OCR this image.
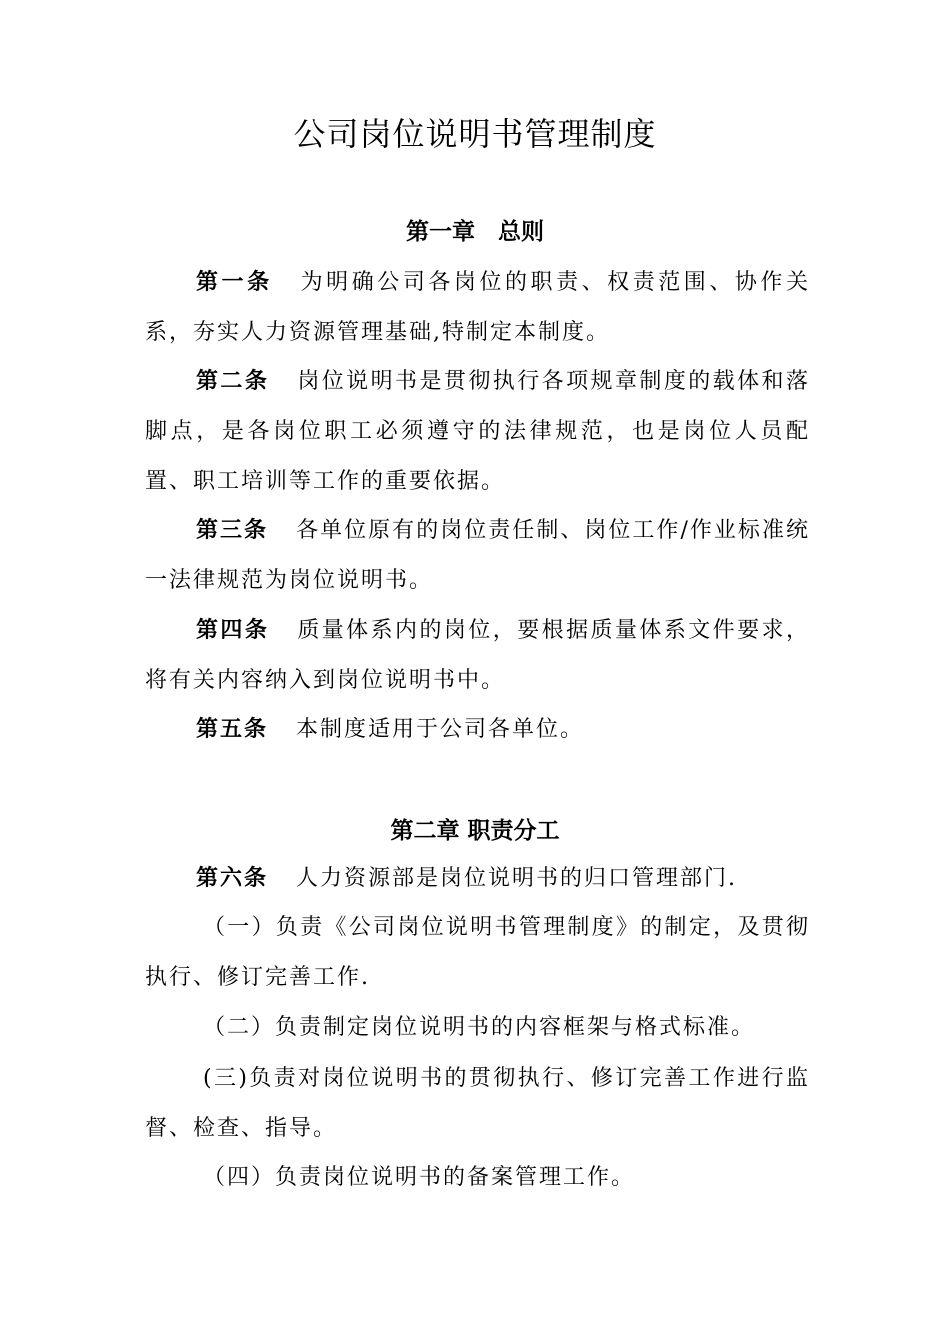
公司岗位说明书管理制度
第一章　总则

第一条 为明确公司各岗位的职责、权责范围、协作关系，夯实人力资源管理基础,特制定本制度。

第二条 岗位说明书是贯彻执行各项规章制度的载体和落脚点，是各岗位职工必须遵守的法律规范，也是岗位人员配置、职工培训等工作的重要依据。

第三条 各单位原有的岗位责任制、岗位工作/作业标准统一法律规范为岗位说明书。

第四条 质量体系内的岗位，要根据质量体系文件要求，将有关内容纳入到岗位说明书中。

第五条 本制度适用于公司各单位。

第二章 职责分工

第六条 人力资源部是岗位说明书的归口管理部门.

（一）负责《公司岗位说明书管理制度》的制定，及贯彻执行、修订完善工作.

（二）负责制定岗位说明书的内容框架与格式标准。

(三)负责对岗位说明书的贯彻执行、修订完善工作进行监督、检查、指导。

（四）负责岗位说明书的备案管理工作。
